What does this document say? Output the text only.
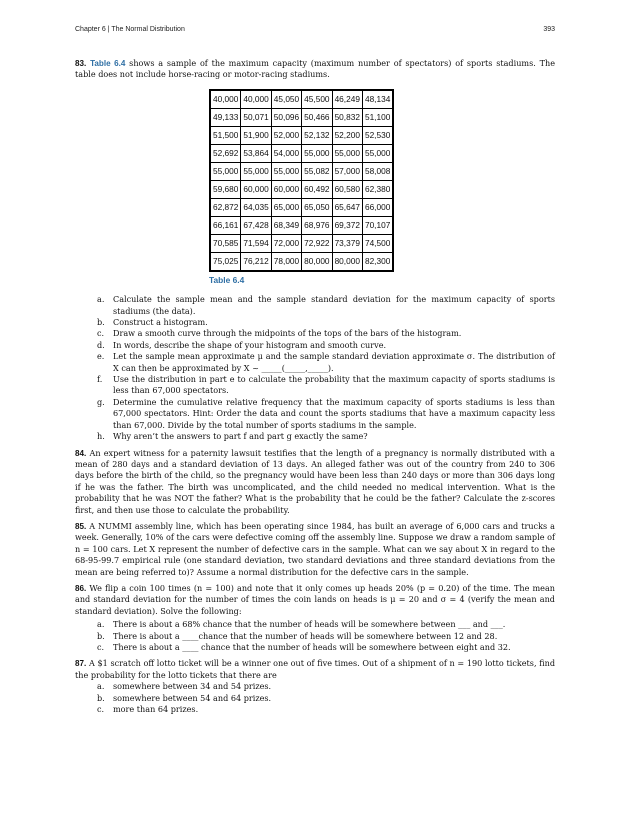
Chapter 6 | The Normal Distribution	393

83. Table 6.4 shows a sample of the maximum capacity (maximum number of spectators) of sports stadiums. The table does not include horse-racing or motor-racing stadiums.

40,000	40,000	45,050	45,500	46,249	48,134
49,133	50,071	50,096	50,466	50,832	51,100
51,500	51,900	52,000	52,132	52,200	52,530
52,692	53,864	54,000	55,000	55,000	55,000
55,000	55,000	55,000	55,082	57,000	58,008
59,680	60,000	60,000	60,492	60,580	62,380
62,872	64,035	65,000	65,050	65,647	66,000
66,161	67,428	68,349	68,976	69,372	70,107
70,585	71,594	72,000	72,922	73,379	74,500
75,025	76,212	78,000	80,000	80,000	82,300
Table 6.4
a. Calculate the sample mean and the sample standard deviation for the maximum capacity of sports stadiums (the data).
b. Construct a histogram.
c. Draw a smooth curve through the midpoints of the tops of the bars of the histogram.
d. In words, describe the shape of your histogram and smooth curve.
e. Let the sample mean approximate μ and the sample standard deviation approximate σ. The distribution of X can then be approximated by X ~ _____(_____,_____).
f. Use the distribution in part e to calculate the probability that the maximum capacity of sports stadiums is less than 67,000 spectators.
g. Determine the cumulative relative frequency that the maximum capacity of sports stadiums is less than 67,000 spectators. Hint: Order the data and count the sports stadiums that have a maximum capacity less than 67,000. Divide by the total number of sports stadiums in the sample.
h. Why aren’t the answers to part f and part g exactly the same?

84. An expert witness for a paternity lawsuit testifies that the length of a pregnancy is normally distributed with a mean of 280 days and a standard deviation of 13 days. An alleged father was out of the country from 240 to 306 days before the birth of the child, so the pregnancy would have been less than 240 days or more than 306 days long if he was the father. The birth was uncomplicated, and the child needed no medical intervention. What is the probability that he was NOT the father? What is the probability that he could be the father? Calculate the z-scores first, and then use those to calculate the probability.

85. A NUMMI assembly line, which has been operating since 1984, has built an average of 6,000 cars and trucks a week. Generally, 10% of the cars were defective coming off the assembly line. Suppose we draw a random sample of n = 100 cars. Let X represent the number of defective cars in the sample. What can we say about X in regard to the 68-95-99.7 empirical rule (one standard deviation, two standard deviations and three standard deviations from the mean are being referred to)? Assume a normal distribution for the defective cars in the sample.

86. We flip a coin 100 times (n = 100) and note that it only comes up heads 20% (p = 0.20) of the time. The mean and standard deviation for the number of times the coin lands on heads is μ = 20 and σ = 4 (verify the mean and standard deviation). Solve the following:

a. There is about a 68% chance that the number of heads will be somewhere between ___ and ___.
b. There is about a ____chance that the number of heads will be somewhere between 12 and 28.
c. There is about a ____ chance that the number of heads will be somewhere between eight and 32.

87. A $1 scratch off lotto ticket will be a winner one out of five times. Out of a shipment of n = 190 lotto tickets, find the probability for the lotto tickets that there are

a. somewhere between 34 and 54 prizes.
b. somewhere between 54 and 64 prizes.
c. more than 64 prizes.
